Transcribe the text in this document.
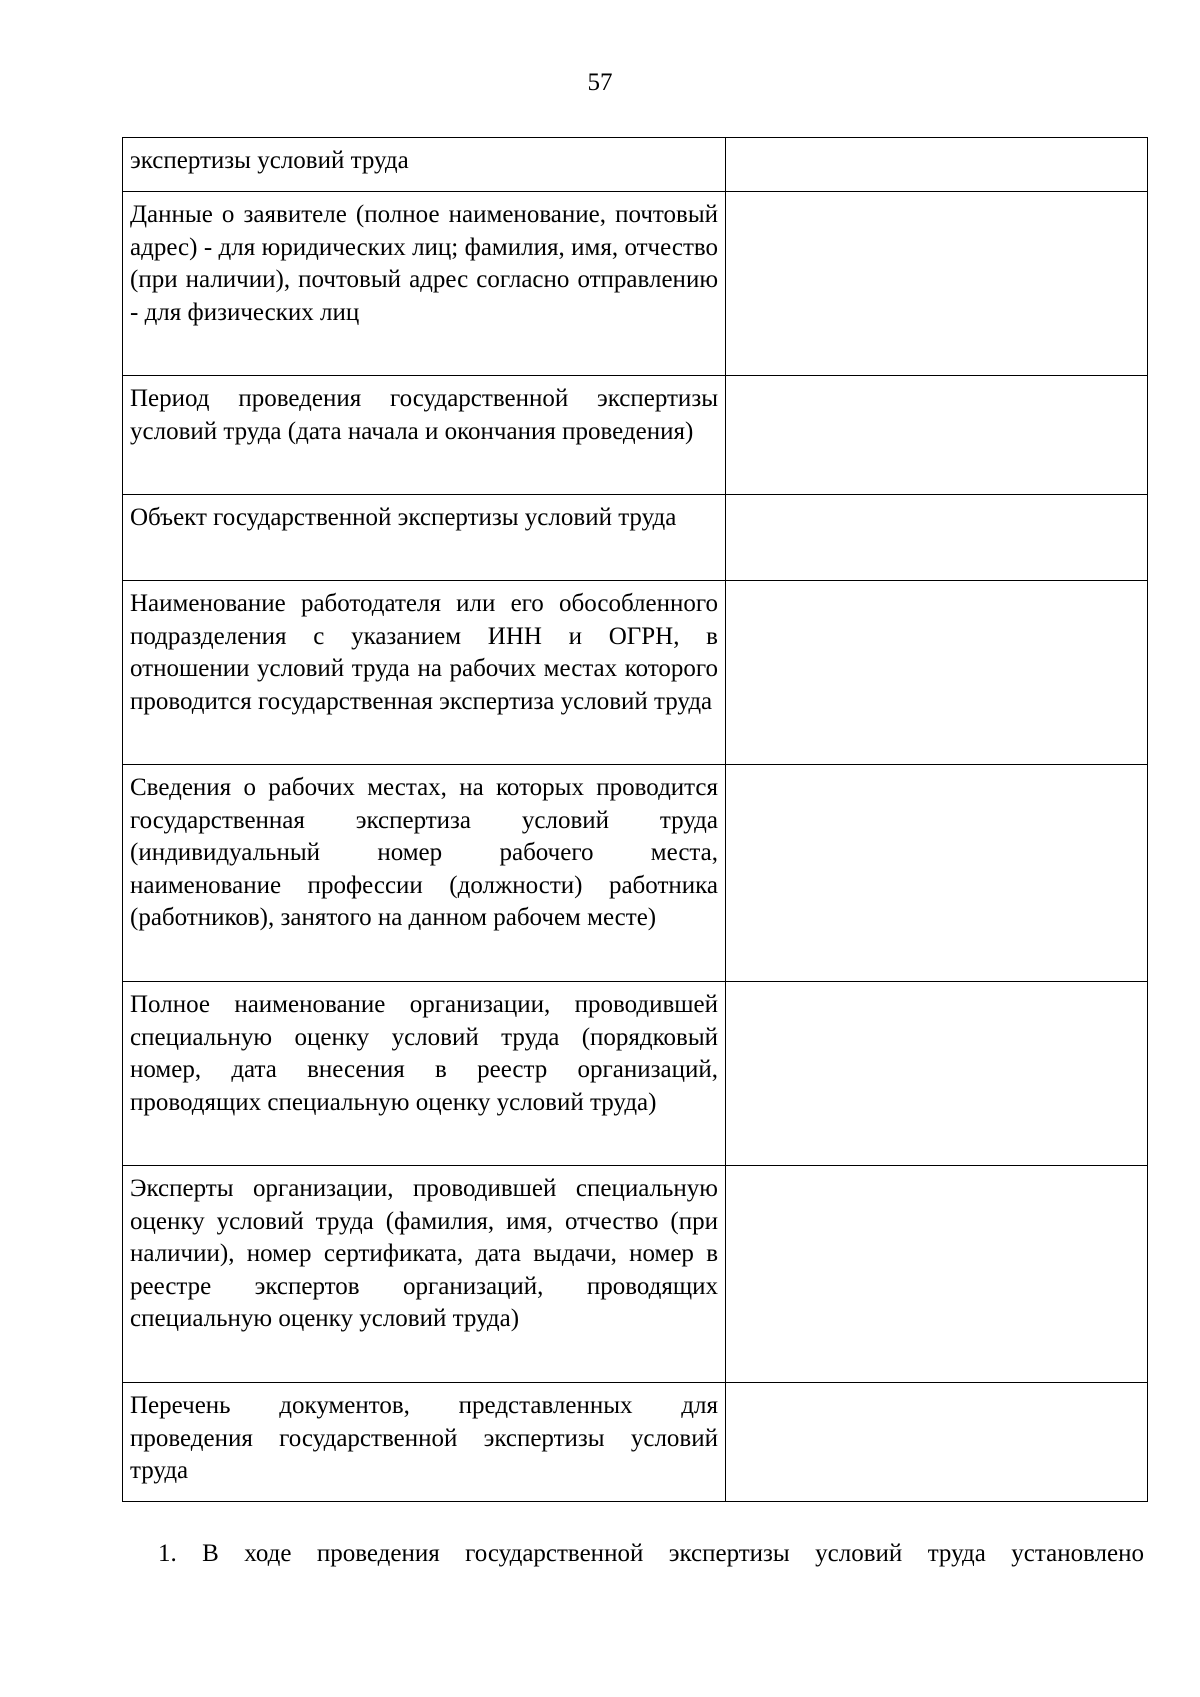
57
экспертизы условий труда	
Данные о заявителе (полное наименование, почтовый адрес) - для юридических лиц; фамилия, имя, отчество (при наличии), почтовый адрес согласно отправлению - для физических лиц	
Период проведения государственной экспертизы условий труда (дата начала и окончания проведения)	
Объект государственной экспертизы условий труда	
Наименование работодателя или его обособленного подразделения с указанием ИНН и ОГРН, в отношении условий труда на рабочих местах которого проводится государственная экспертиза условий труда	
Сведения о рабочих местах, на которых проводится государственная экспертиза условий труда (индивидуальный номер рабочего места, наименование профессии (должности) работника (работников), занятого на данном рабочем месте)	
Полное наименование организации, проводившей специальную оценку условий труда (порядковый номер, дата внесения в реестр организаций, проводящих специальную оценку условий труда)	
Эксперты организации, проводившей специальную оценку условий труда (фамилия, имя, отчество (при наличии), номер сертификата, дата выдачи, номер в реестре экспертов организаций, проводящих специальную оценку условий труда)	
Перечень документов, представленных для проведения государственной экспертизы условий труда	

1. В ходе проведения государственной экспертизы условий труда установлено
